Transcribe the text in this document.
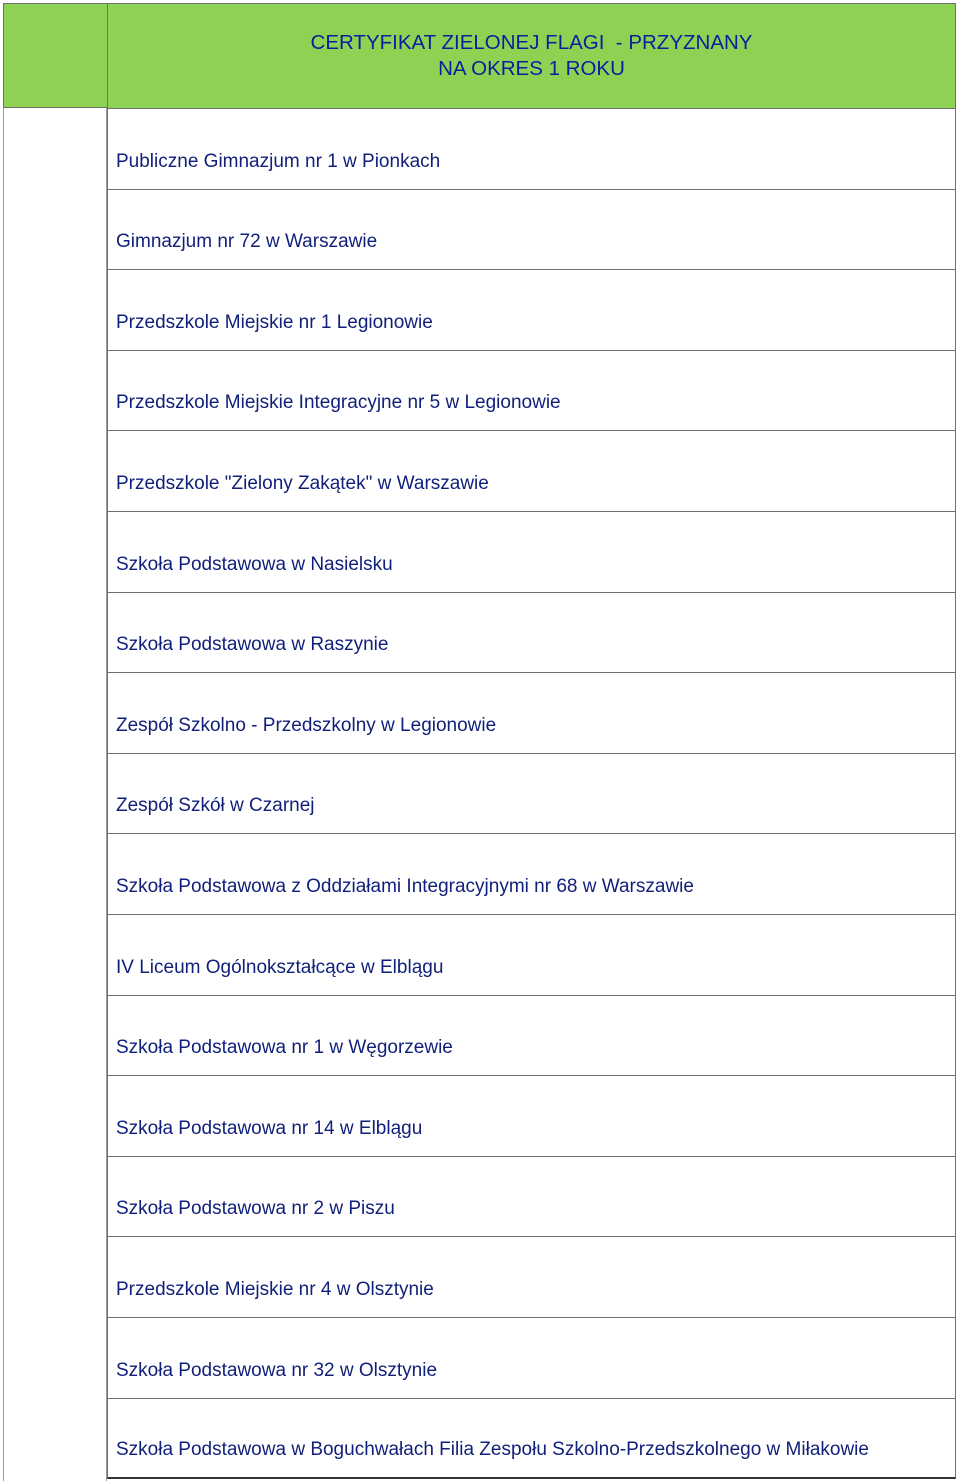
CERTYFIKAT ZIELONEJ FLAGI  - PRZYZNANY
NA OKRES 1 ROKU
Publiczne Gimnazjum nr 1 w Pionkach
Gimnazjum nr 72 w Warszawie
Przedszkole Miejskie nr 1 Legionowie
Przedszkole Miejskie Integracyjne nr 5 w Legionowie
Przedszkole "Zielony Zakątek" w Warszawie
Szkoła Podstawowa w Nasielsku
Szkoła Podstawowa w Raszynie
Zespół Szkolno - Przedszkolny w Legionowie
Zespół Szkół w Czarnej
Szkoła Podstawowa z Oddziałami Integracyjnymi nr 68 w Warszawie
IV Liceum Ogólnokształcące w Elblągu
Szkoła Podstawowa nr 1 w Węgorzewie
Szkoła Podstawowa nr 14 w Elblągu
Szkoła Podstawowa nr 2 w Piszu
Przedszkole Miejskie nr 4 w Olsztynie
Szkoła Podstawowa nr 32 w Olsztynie
Szkoła Podstawowa w Boguchwałach Filia Zespołu Szkolno-Przedszkolnego w Miłakowie
